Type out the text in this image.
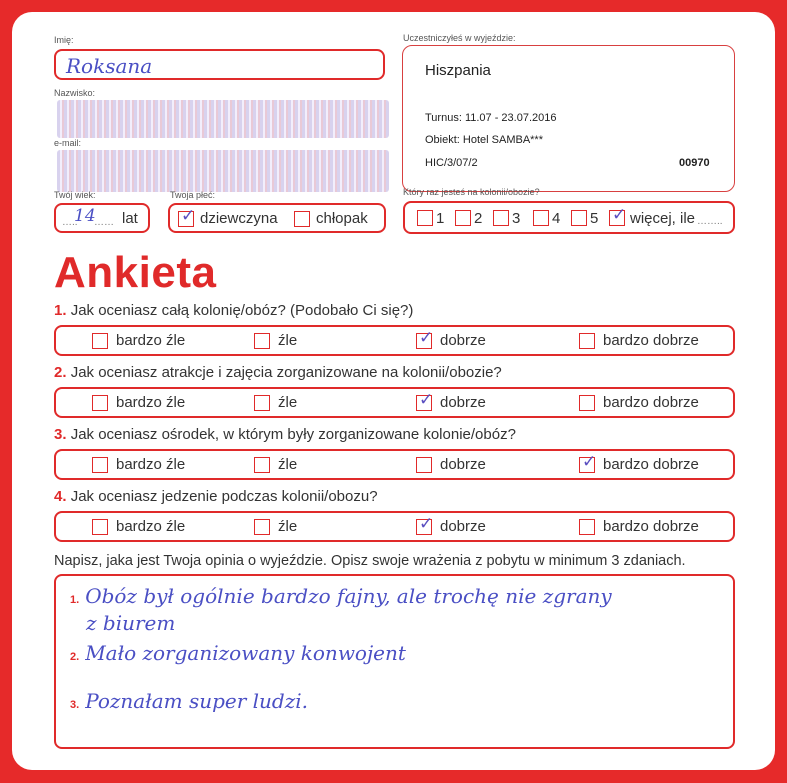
Imię:
Roksana
Nazwisko:
e-mail:
Twój wiek:
…..
14
…… lat
Twoja płeć:
✓ dziewczyna	chłopak
Uczestniczyłeś w wyjeździe:
Hiszpania
Turnus: 11.07 - 23.07.2016
Obiekt: Hotel SAMBA***
HIC/3/07/2	00970
Który raz jesteś na kolonii/obozie?
1 2 3 4 5 ✓ więcej, ile ……..
Ankieta
Napisz, jaka jest Twoja opinia o wyjeździe. Opisz swoje wrażenia z pobytu w minimum 3 zdaniach.
1. Obóz był ogólnie bardzo fajny, ale trochę nie zgrany
z biurem
2. Mało zorganizowany konwojent
3. Poznałam super ludzi.
1. Jak oceniasz całą kolonię/obóz? (Podobało Ci się?)
bardzo źle	źle	✓ dobrze	bardzo dobrze
2. Jak oceniasz atrakcje i zajęcia zorganizowane na kolonii/obozie?
bardzo źle	źle	✓ dobrze	bardzo dobrze
3. Jak oceniasz ośrodek, w którym były zorganizowane kolonie/obóz?
bardzo źle	źle	dobrze	✓ bardzo dobrze
4. Jak oceniasz jedzenie podczas kolonii/obozu?
bardzo źle	źle	✓ dobrze	bardzo dobrze
